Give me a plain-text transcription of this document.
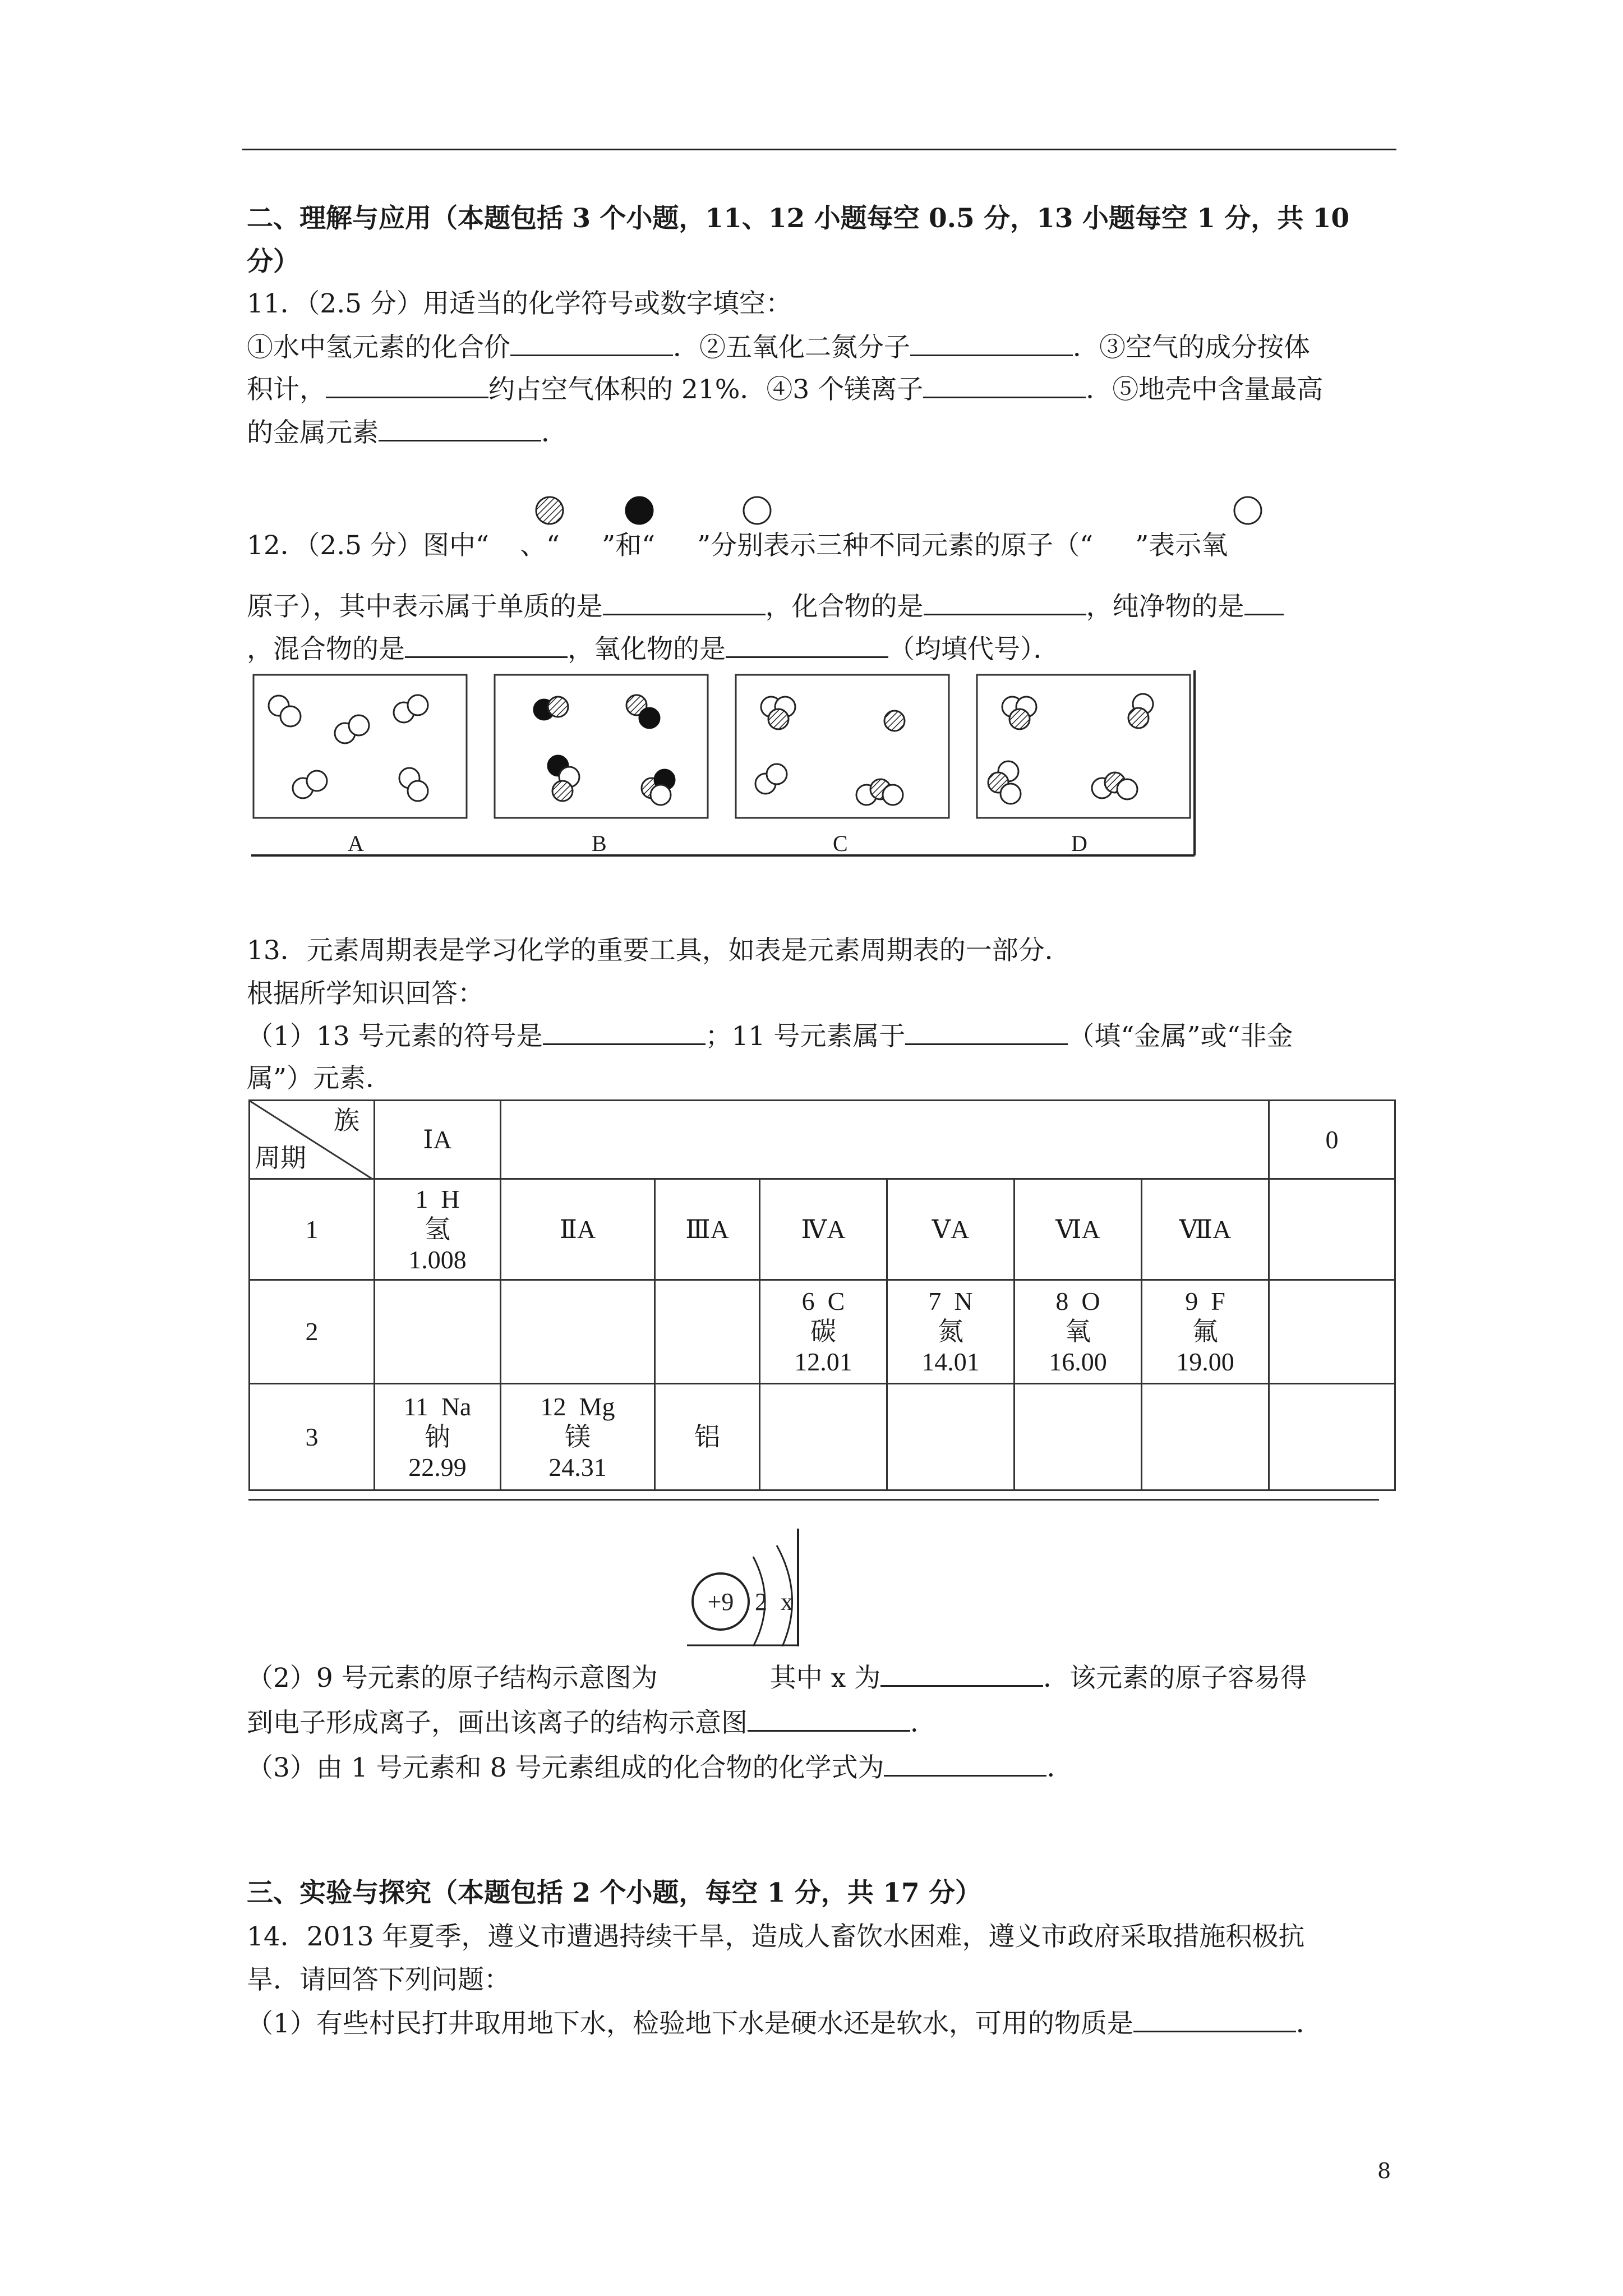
二、理解与应用（本题包括 3 个小题，11、12 小题每空 0.5 分，13 小题每空 1 分，共 10
分）
11．（2.5 分）用适当的化学符号或数字填空：
①水中氢元素的化合价	．②五氧化二氮分子	．③空气的成分按体
积计，	约占空气体积的 21%．④3 个镁离子	．⑤地壳中含量最高
的金属元素	．
12．（2.5 分）图中“ 、“ ”和“ ”分别表示三种不同元素的原子（“ ”表示氧
原子），其中表示属于单质的是	，化合物的是	，纯净物的是
，混合物的是	，氧化物的是	（均填代号）．
A	B	C	D
13．元素周期表是学习化学的重要工具，如表是元素周期表的一部分．
根据所学知识回答：
（1）13 号元素的符号是	；11 号元素属于	（填“金属”或“非金
属”）元素．
族
周期	ⅠA							0
1	1  H
氢
1.008	ⅡA	ⅢA	ⅣA	ⅤA	ⅥA	ⅦA	
2				6  C
碳
12.01	7  N
氮
14.01	8  O
氧
16.00	9  F
氟
19.00	

3	11  Na
钠
22.99	12  Mg
镁
24.31	铝					
+9 2 x
（2）9 号元素的原子结构示意图为	其中 x 为	．该元素的原子容易得
到电子形成离子，画出该离子的结构示意图	．
（3）由 1 号元素和 8 号元素组成的化合物的化学式为	．
三、实验与探究（本题包括 2 个小题，每空 1 分，共 17 分）
14．2013 年夏季，遵义市遭遇持续干旱，造成人畜饮水困难，遵义市政府采取措施积极抗
旱．请回答下列问题：
（1）有些村民打井取用地下水，检验地下水是硬水还是软水，可用的物质是	．
8
